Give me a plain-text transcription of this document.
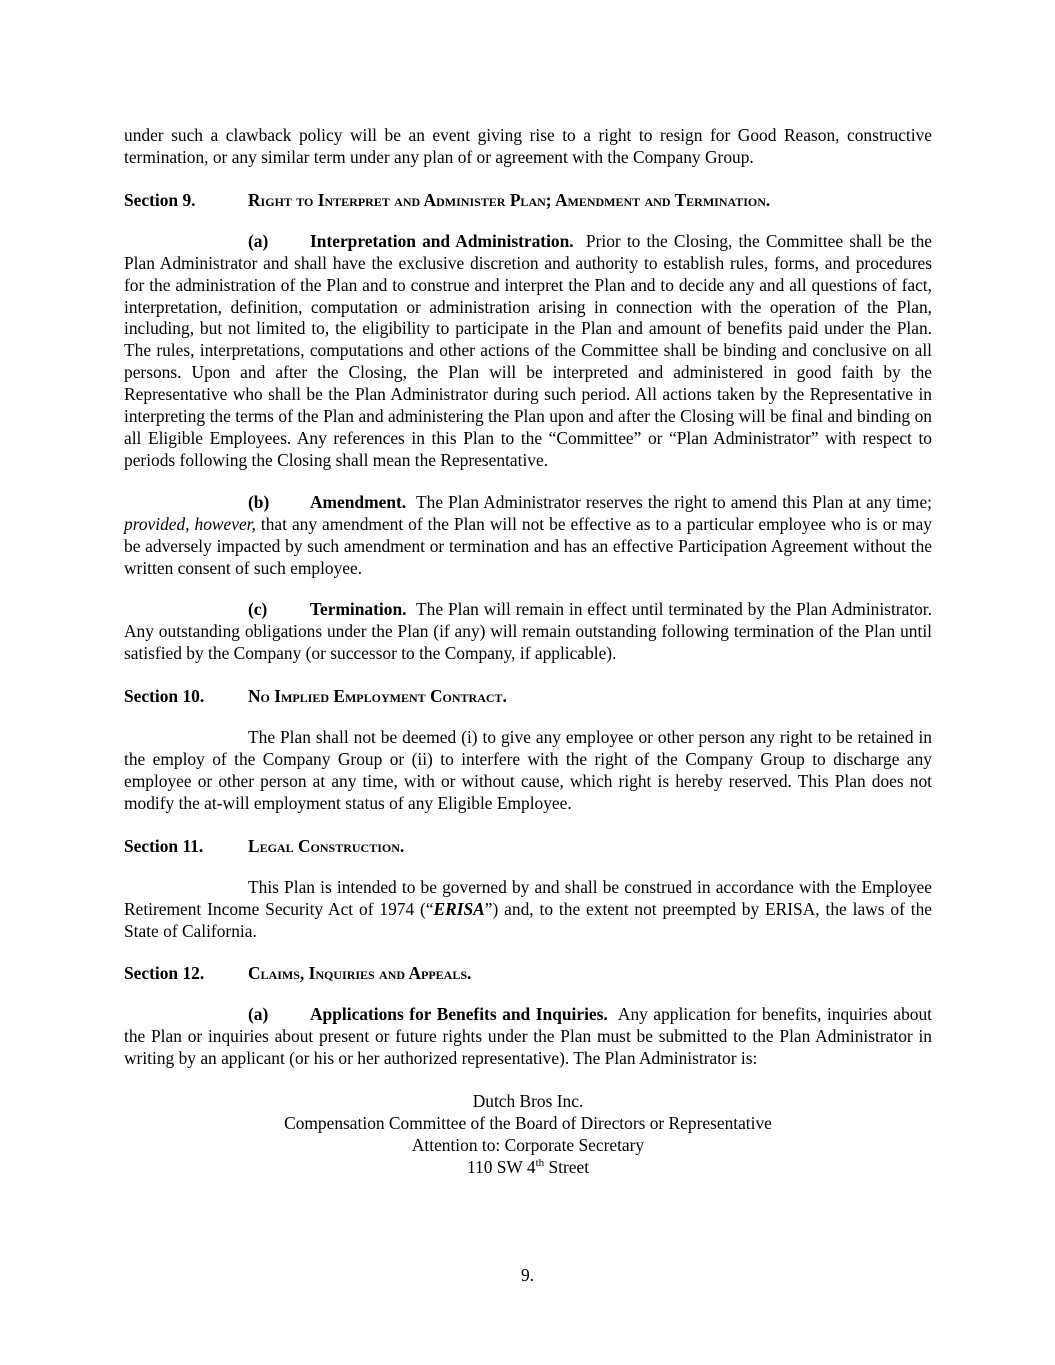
under such a clawback policy will be an event giving rise to a right to resign for Good Reason, constructive termination, or any similar term under any plan of or agreement with the Company Group.

Section 9.	Right to Interpret and Administer Plan; Amendment and Termination.

(a) Interpretation and Administration. Prior to the Closing, the Committee shall be the Plan Administrator and shall have the exclusive discretion and authority to establish rules, forms, and procedures for the administration of the Plan and to construe and interpret the Plan and to decide any and all questions of fact, interpretation, definition, computation or administration arising in connection with the operation of the Plan, including, but not limited to, the eligibility to participate in the Plan and amount of benefits paid under the Plan. The rules, interpretations, computations and other actions of the Committee shall be binding and conclusive on all persons. Upon and after the Closing, the Plan will be interpreted and administered in good faith by the Representative who shall be the Plan Administrator during such period. All actions taken by the Representative in interpreting the terms of the Plan and administering the Plan upon and after the Closing will be final and binding on all Eligible Employees. Any references in this Plan to the “Committee” or “Plan Administrator” with respect to periods following the Closing shall mean the Representative.

(b) Amendment. The Plan Administrator reserves the right to amend this Plan at any time; provided, however, that any amendment of the Plan will not be effective as to a particular employee who is or may be adversely impacted by such amendment or termination and has an effective Participation Agreement without the written consent of such employee.

(c) Termination. The Plan will remain in effect until terminated by the Plan Administrator. Any outstanding obligations under the Plan (if any) will remain outstanding following termination of the Plan until satisfied by the Company (or successor to the Company, if applicable).

Section 10.	No Implied Employment Contract.

The Plan shall not be deemed (i) to give any employee or other person any right to be retained in the employ of the Company Group or (ii) to interfere with the right of the Company Group to discharge any employee or other person at any time, with or without cause, which right is hereby reserved. This Plan does not modify the at-will employment status of any Eligible Employee.

Section 11.	Legal Construction.

This Plan is intended to be governed by and shall be construed in accordance with the Employee Retirement Income Security Act of 1974 (“ERISA”) and, to the extent not preempted by ERISA, the laws of the State of California.

Section 12.	Claims, Inquiries and Appeals.

(a) Applications for Benefits and Inquiries. Any application for benefits, inquiries about the Plan or inquiries about present or future rights under the Plan must be submitted to the Plan Administrator in writing by an applicant (or his or her authorized representative). The Plan Administrator is:

Dutch Bros Inc.
Compensation Committee of the Board of Directors or Representative
Attention to: Corporate Secretary
110 SW 4th Street
9.
